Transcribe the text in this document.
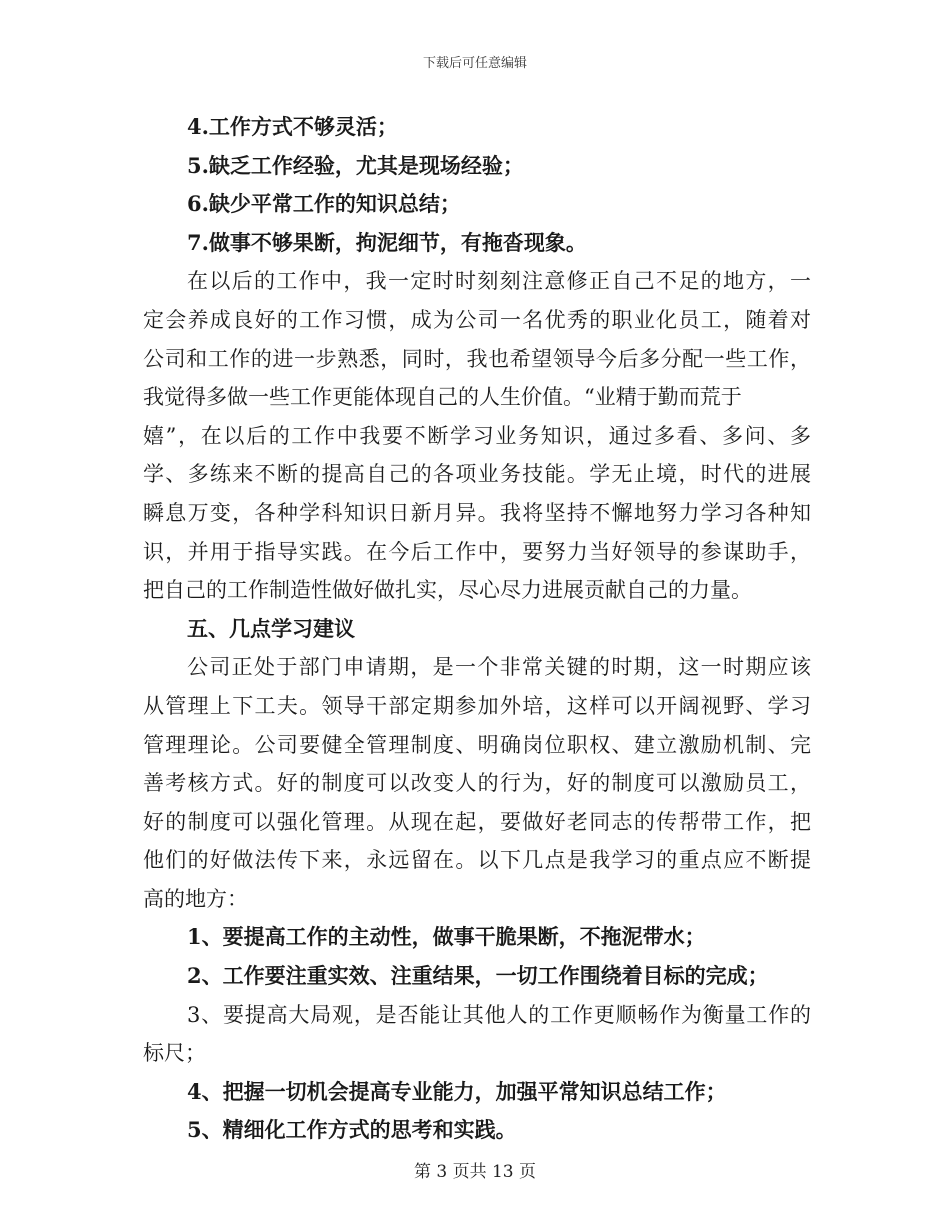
下载后可任意编辑
4.工作方式不够灵活；
5.缺乏工作经验，尤其是现场经验；
6.缺少平常工作的知识总结；
7.做事不够果断，拘泥细节，有拖沓现象。
在以后的工作中，我一定时时刻刻注意修正自己不足的地方，一
定会养成良好的工作习惯，成为公司一名优秀的职业化员工，随着对
公司和工作的进一步熟悉，同时，我也希望领导今后多分配一些工作，
我觉得多做一些工作更能体现自己的人生价值。“业精于勤而荒于
嬉”，在以后的工作中我要不断学习业务知识，通过多看、多问、多
学、多练来不断的提高自己的各项业务技能。学无止境，时代的进展
瞬息万变，各种学科知识日新月异。我将坚持不懈地努力学习各种知
识，并用于指导实践。在今后工作中，要努力当好领导的参谋助手，
把自己的工作制造性做好做扎实，尽心尽力进展贡献自己的力量。
五、几点学习建议
公司正处于部门申请期，是一个非常关键的时期，这一时期应该
从管理上下工夫。领导干部定期参加外培，这样可以开阔视野、学习
管理理论。公司要健全管理制度、明确岗位职权、建立激励机制、完
善考核方式。好的制度可以改变人的行为，好的制度可以激励员工，
好的制度可以强化管理。从现在起，要做好老同志的传帮带工作，把
他们的好做法传下来，永远留在。以下几点是我学习的重点应不断提
高的地方：
1、要提高工作的主动性，做事干脆果断，不拖泥带水；
2、工作要注重实效、注重结果，一切工作围绕着目标的完成；
3、要提高大局观，是否能让其他人的工作更顺畅作为衡量工作的
标尺；
4、把握一切机会提高专业能力，加强平常知识总结工作；
5、精细化工作方式的思考和实践。
第 3 页共 13 页
